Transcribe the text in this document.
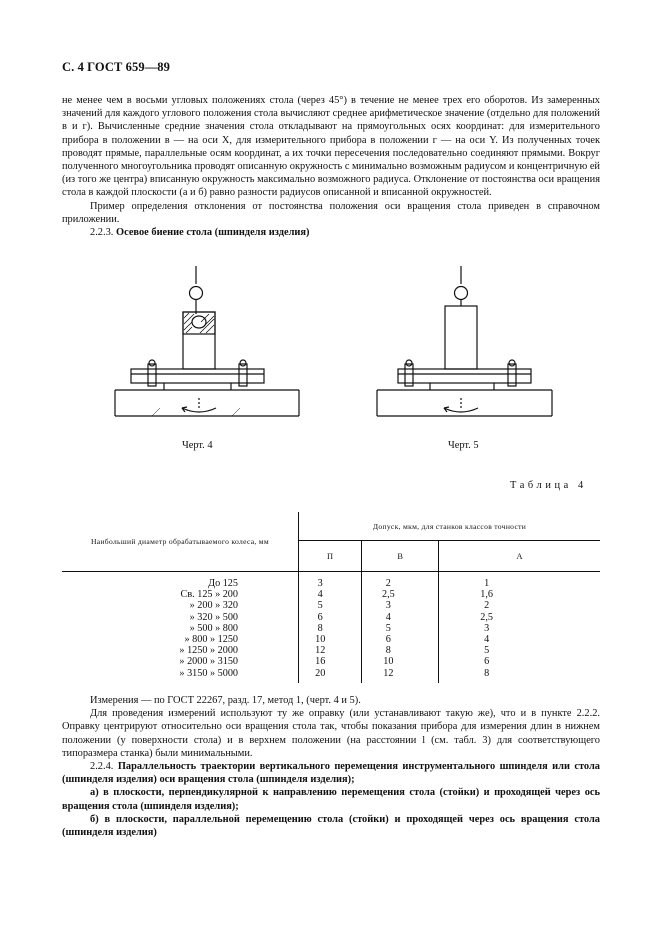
С. 4 ГОСТ 659—89

не менее чем в восьми угловых положениях стола (через 45°) в течение не менее трех его оборотов. Из замеренных значений для каждого углового положения стола вычисляют среднее арифметическое значение (отдельно для положений в и г). Вычисленные средние значения стола откладывают на прямоугольных осях координат: для измерительного прибора в положении в — на оси X, для измерительного прибора в положении г — на оси Y. Из полученных точек проводят прямые, параллельные осям координат, а их точки пересечения последовательно соединяют прямыми. Вокруг полученного многоугольника проводят описанную окружность с минимально возможным радиусом и концентричную ей (из того же центра) вписанную окружность максимально возможного радиуса. Отклонение от постоянства оси вращения стола в каждой плоскости (а и б) равно разности радиусов описанной и вписанной окружностей.

Пример определения отклонения от постоянства положения оси вращения стола приведен в справочном приложении.

2.2.3. Осевое биение стола (шпинделя изделия)

Черт. 4	Черт. 5
Таблица 4
Наибольший диаметр обрабатываемого колеса, мм	Допуск, мкм, для станков классов точности		
	П	В	А
До 125	3	2	1
Св. 125 » 200	4	2,5	1,6
» 200 » 320	5	3	2
» 320 » 500	6	4	2,5
» 500 » 800	8	5	3
» 800 » 1250	10	6	4
» 1250 » 2000	12	8	5
» 2000 » 3150	16	10	6
» 3150 » 5000	20	12	8

Измерения — по ГОСТ 22267, разд. 17, метод 1, (черт. 4 и 5).

Для проведения измерений используют ту же оправку (или устанавливают такую же), что и в пункте 2.2.2. Оправку центрируют относительно оси вращения стола так, чтобы показания прибора для измерения длин в нижнем положении (у поверхности стола) и в верхнем положении (на расстоянии l (см. табл. 3) для соответствующего типоразмера станка) были минимальными.

2.2.4. Параллельность траектории вертикального перемещения инструментального шпинделя или стола (шпинделя изделия) оси вращения стола (шпинделя изделия);

а) в плоскости, перпендикулярной к направлению перемещения стола (стойки) и проходящей через ось вращения стола (шпинделя изделия);

б) в плоскости, параллельной перемещению стола (стойки) и проходящей через ось вращения стола (шпинделя изделия)
